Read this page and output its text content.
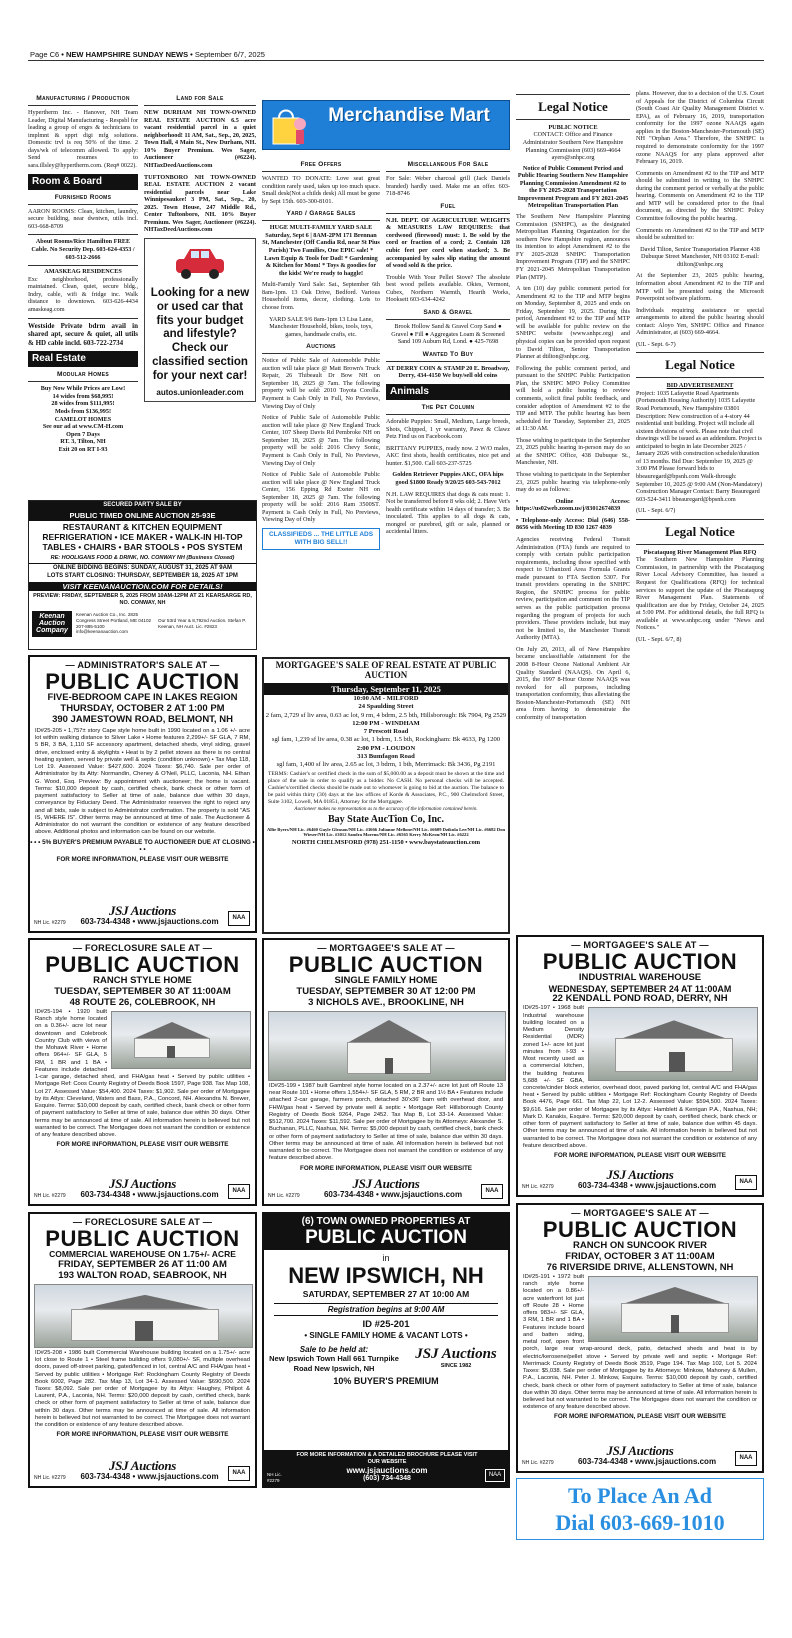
Page C6 • NEW HAMPSHIRE SUNDAY NEWS • September 6/7, 2025
Manufacturing / Production
Hypertherm Inc. - Hanover, NH Team Leader, Digital Manufacturing - Respsbl for leading a group of engrs & technicians to implmnt & spprt digi mfg solutions. Domestic trvl is req 50% of the time. 2 days/wk of telecomm allowed. To apply: Send resumes to sara.illsley@hypertherm.com. (Req# 0022).
Room & Board
Furnished Rooms
AARON ROOMS: Clean, kitchen, laundry, secure building, near dwntwn, utils incl. 603-668-8709
About Rooms/Rice Hamilton FREE Cable. No Security Dep. 603-624-4353 / 603-512-2666
AMASKEAG RESIDENCES
Exc neighborhood, professionally maintained. Clean, quiet, secure bldg., Indry, cable, wifi & fridge inc. Walk distance to downtown. 603-626-4434 amaskeag.com
Westside Private bdrm avail in shared apt, secure & quiet, all utils & HD cable incld. 603-722-2734
Real Estate
Modular Homes
Buy Now While Prices are Low!
14 wides from $68,995!
28 wides from $111,995!
Mods from $136,995!
CAMELOT HOMES
See our ad at www.CM-H.com
Open 7 Days
RT. 3, Tilton, NH
Exit 20 on RT I-93
Land for Sale
NEW DURHAM NH TOWN-OWNED REAL ESTATE AUCTION 6.5 acre vacant residential parcel in a quiet neighborhood! 11 AM, Sat., Sep., 20, 2025, Town Hall, 4 Main St., New Durham, NH. 10% Buyer Premium. Wes Sager, Auctioneer (#6224). NHTaxDeedAuctions.com
TUFTONBORO NH TOWN-OWNED REAL ESTATE AUCTION 2 vacant residential parcels near Lake Winnipesaukee! 3 PM, Sat., Sep., 20, 2025. Town House, 247 Middle Rd., Center Tuftonboro, NH. 10% Buyer Premium. Wes Sager, Auctioneer (#6224). NHTaxDeedAuctions.com
Looking for a new or used car that fits your budget and lifestyle? Check our classified section for your next car!
autos.unionleader.com
SECURED PARTY SALE BY
PUBLIC TIMED ONLINE AUCTION 25-93E
RESTAURANT & KITCHEN EQUIPMENT REFRIGERATION • ICE MAKER • WALK-IN HI-TOP TABLES • CHAIRS • BAR STOOLS • POS SYSTEM
RE: HOOLIGANS FOOD & DRINK, NO. CONWAY NH (Business Closed)
ONLINE BIDDING BEGINS: SUNDAY, AUGUST 31, 2025 AT 9AM
LOTS START CLOSING: THURSDAY, SEPTEMBER 18, 2025 AT 1PM
VISIT KEENANAUCTION.COM FOR DETAILS!
PREVIEW: FRIDAY, SEPTEMBER 5, 2025 FROM 10AM-12PM AT 21 KEARSARGE RD, NO. CONWAY, NH
Keenan Auction Company
Keenan Auction Co., Inc. 2825 Congress Street Portland, ME 04102 207-885-5100 info@keenanauction.com
Our 53rd Year & 8,792nd Auction. Stefan P. Keenan, NH Auct. Lic. #2823
Merchandise Mart
Free Offers
WANTED TO DONATE: Love seat great condition rarely used, takes up too much space. Small desk(Not a childs desk) All must be gone by Sept 15th. 603-300-8101.
Yard / Garage Sales
HUGE MULTI-FAMILY YARD SALE Saturday, Sept 6 | 8AM-2PM 171 Brennan St, Manchester (Off Candia Rd, near St Pius Parish) Two Families, One EPIC sale! * Lawn Equip & Tools for Dad! * Gardening & Kitchen for Mom! * Toys & goodies for the kids! We're ready to haggle!
Multi-Family Yard Sale: Sat., September 6th 8am-1pm. 13 Oak Drive, Bedford. Various Household items, decor, clothing. Lots to choose from.
YARD SALE 9/6 8am-1pm 13 Lisa Lane, Manchester Household, bikes, tools, toys, games, handmade crafts, etc.
Auctions
Notice of Public Sale of Automobile Public auction will take place @ Matt Brown's Truck Repair, 26 Thibeault Dr Bow NH on September 18, 2025 @ 7am. The following property will be sold: 2010 Toyota Corolla. Payment is Cash Only in Full, No Previews, Viewing Day of Only
Notice of Public Sale of Automobile Public auction will take place @ New England Truck Center, 107 Sheep Davis Rd Pembroke NH on September 18, 2025 @ 7am. The following property will be sold: 2016 Chevy Sonic, Payment is Cash Only in Full, No Previews, Viewing Day of Only
Notice of Public Sale of Automobile Public auction will take place @ New England Truck Center, 156 Epping Rd Exeter NH on September 18, 2025 @ 7am. The following property will be sold: 2016 Ram 3500ST. Payment is Cash Only in Full, No Previews, Viewing Day of Only
CLASSIFIEDS ... THE LITTLE ADS WITH BIG SELL!!
Miscellaneous For Sale
For Sale: Weber charcoal grill (Jack Daniels branded) hardly used. Make me an offer. 603-718-8746
Fuel
N.H. DEPT. OF AGRICULTURE WEIGHTS & MEASURES LAW REQUIRES: that cordwood (firewood) must: 1. Be sold by the cord or fraction of a cord; 2. Contain 128 cubic feet per cord when stacked; 3. Be accompanied by sales slip stating the amount of wood sold & the price.
Trouble With Your Pellet Stove? The absolute best wood pellets available. Okies, Vermont, Cubex, Northern Warmth, Hearth Works, Hooksett 603-634-4242
Sand & Gravel
Brook Hollow Sand & Gravel Corp Sand ● Gravel ● Fill ● Aggregates Loam & Screened Sand 109 Auburn Rd, Lond. ● 425-7698
Wanted To Buy
AT DERRY COIN & STAMP 20 E. Broadway, Derry, 434-4150 We buy/sell old coins
Animals
The Pet Column
Adorable Puppies: Small, Medium, Large breeds, Shots, Chipped, 1 yr warranty, Pawz & Clawz Petz Find us on Facebook.com
BRITTANY PUPPIES, ready now. 2 W/O males, AKC first shots, health certificates, nice pet and hunter. $1,500. Call 603-237-5725
Golden Retriever Puppies AKC, OFA hips good $1800 Ready 9/20/25 603-543-7012
N.H. LAW REQUIRES that dogs & cats must: 1. Not be transferred before 8 wks old; 2. Have Vet's health certificate within 14 days of transfer; 3. Be inoculated. This applies to all dogs & cats, mongrel or purebred, gift or sale, planned or accidental litters.
Legal Notice
PUBLIC NOTICE
CONTACT: Office and Finance Administrator Southern New Hampshire Planning Commission (603) 669-4664 ayers@snhpc.org
Notice of Public Comment Period and Public Hearing Southern New Hampshire Planning Commission Amendment #2 to the FY 2025-2028 Transportation Improvement Program and FY 2021-2045 Metropolitan Transportation Plan
The Southern New Hampshire Planning Commission (SNHPC), as the designated Metropolitan Planning Organization for the southern New Hampshire region, announces its intention to adopt Amendment #2 to the FY 2025-2028 SNHPC Transportation Improvement Program (TIP) and the SNHPC FY 2021-2045 Metropolitan Transportation Plan (MTP).
A ten (10) day public comment period for Amendment #2 to the TIP and MTP begins on Monday, September 8, 2025 and ends on Friday, September 19, 2025. During this period, Amendment #2 to the TIP and MTP will be available for public review on the SNHPC website (www.snhpc.org) and physical copies can be provided upon request to David Tilton, Senior Transportation Planner at dtilton@snhpc.org.
Following the public comment period, and pursuant to the SNHPC Public Participation Plan, the SNHPC MPO Policy Committee will hold a public hearing to review comments, solicit final public feedback, and consider adoption of Amendment #2 to the TIP and MTP. The public hearing has been scheduled for Tuesday, September 23, 2025 at 11:30 AM.
Those wishing to participate in the September 23, 2025 public hearing in-person may do so at the SNHPC Office, 438 Dubuque St., Manchester, NH.
Those wishing to participate in the September 23, 2025 public hearing via telephone-only may do so as follows:
• Online Access: https://us02web.zoom.us/j/83012674839
• Telephone-only Access: Dial (646) 558-8656 with Meeting ID 830 1267 4839
Agencies receiving Federal Transit Administration (FTA) funds are required to comply with certain public participation requirements, including those specified with respect to Urbanized Area Formula Grants made pursuant to FTA Section 5307. For transit providers operating in the SNHPC Region, the SNHPC process for public review, participation and comment on the TIP serves as the public participation process regarding the program of projects for such providers. These providers include, but may not be limited to, the Manchester Transit Authority (MTA).
On July 20, 2013, all of New Hampshire became unclassifiable /attainment for the 2008 8-Hour Ozone National Ambient Air Quality Standard (NAAQS). On April 6, 2015, the 1997 8-Hour Ozone NAAQS was revoked for all purposes, including transportation conformity, thus alleviating the Boston-Manchester-Portsmouth (SE) NH area from having to demonstrate the conformity of transportation
plans. However, due to a decision of the U.S. Court of Appeals for the District of Columbia Circuit (South Coast Air Quality Management District v. EPA), as of February 16, 2019, transportation conformity for the 1997 ozone NAAQS again applies in the Boston-Manchester-Portsmouth (SE) NH "Orphan Area." Therefore, the SNHPC is required to demonstrate conformity for the 1997 ozone NAAQS for any plans approved after February 16, 2019.
Comments on Amendment #2 to the TIP and MTP should be submitted in writing to the SNHPC during the comment period or verbally at the public hearing. Comments on Amendment #2 to the TIP and MTP will be considered prior to the final document, as directed by the SNHPC Policy Committee following the public hearing.
Comments on Amendment #2 to the TIP and MTP should be submitted to:
David Tilton, Senior Transportation Planner 438 Dubuque Street Manchester, NH 03102 E-mail: dtilton@snhpc.org
At the September 23, 2025 public hearing, information about Amendment #2 to the TIP and MTP will be presented using the Microsoft Powerpoint software platform.
Individuals requiring assistance or special arrangements to attend the public hearing should contact: Aloyo Yen, SNHPC Office and Finance Administrator, at (603) 669-4664.
(UL - Sept. 6-7)
Legal Notice
BID ADVERTISEMENT
Project: 1035 Lafayette Road Apartments (Portsmouth Housing Authority) 1035 Lafayette Road Portsmouth, New Hampshire 03801 Description: New construction of a 4-story 44 residential unit building. Project will include all sixteen divisions of work. Please note that civil drawings will be issued as an addendum. Project is anticipated to begin in late December 2025 / January 2026 with construction schedule/duration of 13 months. Bid Due: September 19, 2025 @ 3:00 PM Please forward bids to bbeauregard@bpsnh.com Walk-through: September 10, 2025 @ 9:00 AM (Non-Mandatory) Construction Manager Contact: Barry Beauregard 603-524-3411 bbeauregard@bpsnh.com
(UL - Sept. 6/7)
Legal Notice
Piscataquog River Management Plan RFQ
The Southern New Hampshire Planning Commission, in partnership with the Piscataquog River Local Advisory Committee, has issued a Request for Qualifications (RFQ) for technical services to support the update of the Piscataquog River Management Plan. Statements of qualification are due by Friday, October 24, 2025 at 5:00 PM. For additional details, the full RFQ is available at www.snhpc.org under "News and Notices."
(UL - Sept. 6/7, 8)
MORTGAGEE'S SALE OF REAL ESTATE AT PUBLIC AUCTION
Thursday, September 11, 2025
10:00 AM - MILFORD
24 Spaulding Street
2 fam, 2,729 sf liv area, 0.63 ac lot, 9 rm, 4 bdrm, 2.5 bth, Hillsborough: Bk 7904, Pg 2529
12:00 PM - WINDHAM
7 Prescott Road
sgl fam, 1,239 sf liv area, 0.38 ac lot, 1 bdrm, 1.5 bth, Rockingham: Bk 4633, Pg 1200
2:00 PM - LOUDON
313 Bumfagon Road
sgl fam, 1,400 sf liv area, 2.65 ac lot, 3 bdrm, 1 bth, Merrimack: Bk 3436, Pg 2191
TERMS: Cashier's or certified check in the sum of $5,000.00 as a deposit must be shown at the time and place of the sale in order to qualify as a bidder. No CASH. No personal checks will be accepted. Cashier's/certified checks should be made out to whomever is going to bid at the auction. The balance to be paid within thirty (30) days at the law offices of Korde & Associates, P.C., 900 Chelmsford Street, Suite 3102, Lowell, MA 01851, Attorney for the Mortgagee.
Auctioneer makes no representation as to the accuracy of the information contained herein.
Bay State AucTion Co, Inc.
Allie Byers/NH Lic. #6460 Gayle Gleason/NH Lic. #3666 Julianne Mellone/NH Lic. #6609 Dzikula Lee/NH Lic. #6682 Don Wieser/NH Lic. #3012 Sandra Moreno/NH Lic. #6565 Kerry McKeon/NH Lic. #6222
NORTH CHELMSFORD (978) 251-1150 • www.baystateauction.com
— ADMINISTRATOR'S SALE AT —
PUBLIC AUCTION
FIVE-BEDROOM CAPE IN LAKES REGION
THURSDAY, OCTOBER 2 AT 1:00 PM
390 JAMESTOWN ROAD, BELMONT, NH
ID#25-205 • 1,757± story Cape style home built in 1990 located on a 1.06 +/- acre lot within walking distance to Silver Lake • Home features 2,299+/- SF GLA, 7 RM, 5 BR, 3 BA, 1,110 SF accessory apartment, detached sheds, vinyl siding, gravel drive, enclosed entry & skylights • Heat is by 2 pellet stoves as there is no central heating system, served by private well & septic (condition unknown) • Tax Map 118, Lot 19. Assessed Value: $427,600. 2024 Taxes: $6,740. Sale per order of Administrator by its Atty: Normandin, Cheney & O'Neil, PLLC, Laconia, NH. Ethan G. Wood, Esq. Preview: By appointment with auctioneer; the home is vacant. Terms: $10,000 deposit by cash, certified check, bank check or other form of payment satisfactory to Seller at time of sale, balance due within 30 days, conveyance by Fiduciary Deed. The Administrator reserves the right to reject any and all bids, sale is subject to Administrator confirmation. The property is sold "AS IS, WHERE IS". Other terms may be announced at time of sale. The Auctioneer & Administrator do not warrant the condition or existence of any feature described above. Additional photos and information can be found on our website.
• • • 5% BUYER'S PREMIUM PAYABLE TO AUCTIONEER DUE AT CLOSING • • •
FOR MORE INFORMATION, PLEASE VISIT OUR WEBSITE
NH Lic. #2279
JSJ Auctions
603-734-4348 • www.jsjauctions.com	NAA
— FORECLOSURE SALE AT —
PUBLIC AUCTION
RANCH STYLE HOME
TUESDAY, SEPTEMBER 30 AT 11:00AM
48 ROUTE 26, COLEBROOK, NH
ID#25-194 • 1920 built Ranch style home located on a 0.36+/- acre lot near downtown and Colebrook Country Club with views of the Mohawk River • Home offers 964+/- SF GLA, 5 RM, 1 BR and 1 BA • Features include detached 1-car garage, detached shed, and FHA/gas heat • Served by public utilities • Mortgage Ref: Coos County Registry of Deeds Book 1597, Page 938. Tax Map 108, Lot 27. Assessed Value: $54,400. 2024 Taxes: $1,902. Sale per order of Mortgagee by its Attys: Cleveland, Waters and Bass, P.A., Concord, NH. Alexandra N. Brewer, Esquire. Terms: $10,000 deposit by cash, certified check, bank check or other form of payment satisfactory to Seller at time of sale, balance due within 30 days. Other terms may be announced at time of sale. All information herein is believed but not warranted to be correct. The Mortgagee does not warrant the condition or existence of any feature described above.
FOR MORE INFORMATION, PLEASE VISIT OUR WEBSITE
NH Lic. #2279
JSJ Auctions
603-734-4348 • www.jsjauctions.com	NAA
— MORTGAGEE'S SALE AT —
PUBLIC AUCTION
SINGLE FAMILY HOME
TUESDAY, SEPTEMBER 30 AT 12:00 PM
3 NICHOLS AVE., BROOKLINE, NH
ID#25-199 • 1987 built Gambrel style home located on a 2.37+/- acre lot just off Route 13 near Route 101 • Home offers 1,554+/- SF GLA, 5 RM, 2 BR and 1½ BA • Features include attached 2-car garage, farmers porch, detached 30'x36' barn with overhead door, and FHW/gas heat • Served by private well & septic • Mortgage Ref: Hillsborough County Registry of Deeds Book 9264, Page 2452. Tax Map B, Lot 33-14. Assessed Value: $512,700. 2024 Taxes: $11,592. Sale per order of Mortgagee by its Attorneys: Alexander S. Buchanan, PLLC, Nashua, NH. Terms: $5,000 deposit by cash, certified check, bank check or other form of payment satisfactory to Seller at time of sale, balance due within 30 days. Other terms may be announced at time of sale. All information herein is believed but not warranted to be correct. The Mortgagee does not warrant the condition or existence of any feature described above.
FOR MORE INFORMATION, PLEASE VISIT OUR WEBSITE
NH Lic. #2279
JSJ Auctions
603-734-4348 • www.jsjauctions.com	NAA
— MORTGAGEE'S SALE AT —
PUBLIC AUCTION
INDUSTRIAL WAREHOUSE
WEDNESDAY, SEPTEMBER 24 AT 11:00AM
22 KENDALL POND ROAD, DERRY, NH
ID#25-197 • 1968 built Industrial warehouse building located on a Medium Density Residential (MDR) zoned 1+/- acre lot just minutes from I-93 • Most recently used as a commercial kitchen, the building features 5,688 +/- SF GBA, concrete/cinder block exterior, overhead door, paved parking lot, central A/C and FHA/gas heat • Served by public utilities • Mortgage Ref: Rockingham County Registry of Deeds Book 4476, Page 661. Tax Map 22, Lot 12-2. Assessed Value: $594,500. 2024 Taxes: $9,616. Sale per order of Mortgagee by its Attys: Hamblett & Kerrigan P.A., Nashua, NH; Mark D. Kanakis, Esquire. Terms: $20,000 deposit by cash, certified check, bank check or other form of payment satisfactory to Seller at time of sale, balance due within 45 days. Other terms may be announced at time of sale. All information herein is believed but not warranted to be correct. The Mortgagee does not warrant the condition or existence of any feature described above.
FOR MORE INFORMATION, PLEASE VISIT OUR WEBSITE
NH Lic. #2279
JSJ Auctions
603-734-4348 • www.jsjauctions.com	NAA
— FORECLOSURE SALE AT —
PUBLIC AUCTION
COMMERCIAL WAREHOUSE ON 1.75+/- ACRE
FRIDAY, SEPTEMBER 26 AT 11:00 AM
193 WALTON ROAD, SEABROOK, NH
ID#25-208 • 1986 built Commercial Warehouse building located on a 1.75+/- acre lot close to Route 1 • Steel frame building offers 9,080+/- SF, multiple overhead doors, paved off-street parking, gated/fenced in lot, central A/C and FHA/gas heat • Served by public utilities • Mortgage Ref: Rockingham County Registry of Deeds Book 6002, Page 282. Tax Map 13, Lot 34-1. Assessed Value: $690,500. 2024 Taxes: $8,092. Sale per order of Mortgagee by its Attys: Haughey, Philpot & Laurent, P.A., Laconia, NH. Terms: $20,000 deposit by cash, certified check, bank check or other form of payment satisfactory to Seller at time of sale, balance due within 30 days. Other terms may be announced at time of sale. All information herein is believed but not warranted to be correct. The Mortgagee does not warrant the condition or existence of any feature described above.
FOR MORE INFORMATION, PLEASE VISIT OUR WEBSITE
NH Lic. #2279
JSJ Auctions
603-734-4348 • www.jsjauctions.com	NAA
(6) TOWN OWNED PROPERTIES AT
PUBLIC AUCTION
in
NEW IPSWICH, NH
SATURDAY, SEPTEMBER 27 AT 10:00 AM
Registration begins at 9:00 AM
ID #25-201
• SINGLE FAMILY HOME & VACANT LOTS •
Sale to be held at:
New Ipswich Town Hall 661 Turnpike Road New Ipswich, NH
JSJ Auctions
SINCE 1982
10% BUYER'S PREMIUM
FOR MORE INFORMATION & A DETAILED BROCHURE PLEASE VISIT OUR WEBSITE
www.jsjauctions.com
(603) 734-4348
NH Lic. #2279
NAA
— MORTGAGEE'S SALE AT —
PUBLIC AUCTION
RANCH ON SUNCOOK RIVER
FRIDAY, OCTOBER 3 AT 11:00AM
76 RIVERSIDE DRIVE, ALLENSTOWN, NH
ID#25-191 • 1972 built ranch style home located on a 0.86+/- acre waterfront lot just off Route 28 • Home offers 983+/- SF GLA, 3 RM, 1 BR and 1 BA • Features include board and batten siding, metal roof, open front porch, large rear wrap-around deck, patio, detached sheds and heat is by electric/kerosene/pellet stove • Served by private well and septic • Mortgage Ref: Merrimack County Registry of Deeds Book 3519, Page 194. Tax Map 102, Lot 5. 2024 Taxes: $5,038. Sale per order of Mortgagee by its Attorneys: Minkow, Mahoney & Mullen, P.A., Laconia, NH. Peter J. Minkow, Esquire. Terms: $10,000 deposit by cash, certified check, bank check or other form of payment satisfactory to Seller at time of sale, balance due within 30 days. Other terms may be announced at time of sale. All information herein is believed but not warranted to be correct. The Mortgagee does not warrant the condition or existence of any feature described above.
FOR MORE INFORMATION, PLEASE VISIT OUR WEBSITE
NH Lic. #2279
JSJ Auctions
603-734-4348 • www.jsjauctions.com	NAA
To Place An Ad
Dial 603-669-1010
